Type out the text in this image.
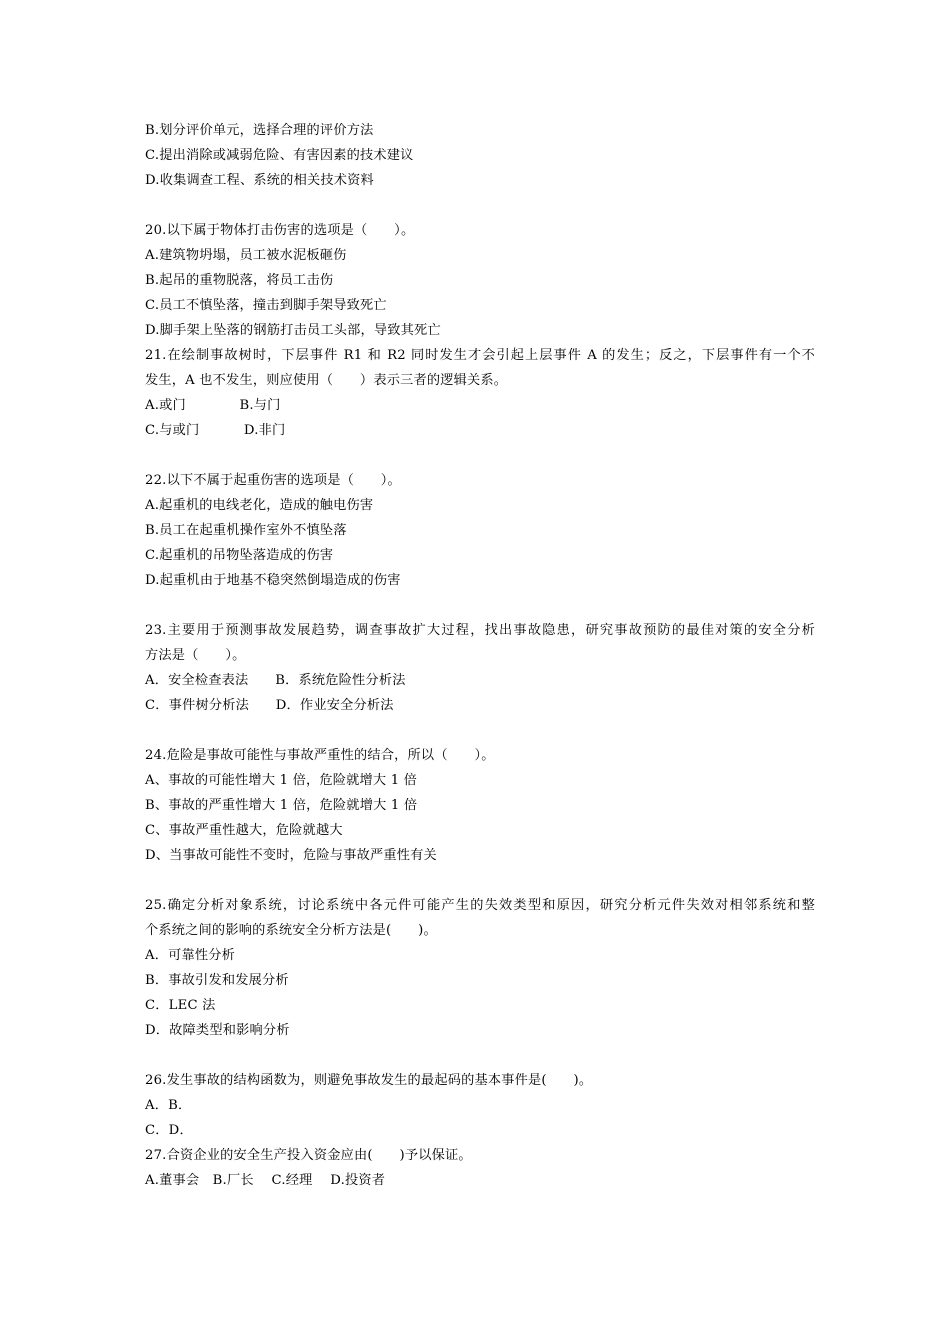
B.划分评价单元，选择合理的评价方法
C.提出消除或减弱危险、有害因素的技术建议
D.收集调查工程、系统的相关技术资料
20.以下属于物体打击伤害的选项是（　　）。
A.建筑物坍塌，员工被水泥板砸伤
B.起吊的重物脱落，将员工击伤
C.员工不慎坠落，撞击到脚手架导致死亡
D.脚手架上坠落的钢筋打击员工头部，导致其死亡
21.在绘制事故树时，下层事件 R1 和 R2 同时发生才会引起上层事件 A 的发生；反之，下层事件有一个不
发生，A 也不发生，则应使用（　　）表示三者的逻辑关系。
A.或门　　　　B.与门
C.与或门　　　 D.非门
22.以下不属于起重伤害的选项是（　　）。
A.起重机的电线老化，造成的触电伤害
B.员工在起重机操作室外不慎坠落
C.起重机的吊物坠落造成的伤害
D.起重机由于地基不稳突然倒塌造成的伤害
23.主要用于预测事故发展趋势，调查事故扩大过程，找出事故隐患，研究事故预防的最佳对策的安全分析
方法是（　　）。
A．安全检查表法　　B．系统危险性分析法
C．事件树分析法　　D．作业安全分析法
24.危险是事故可能性与事故严重性的结合，所以（　　）。
A、事故的可能性增大 1 倍，危险就增大 1 倍
B、事故的严重性增大 1 倍，危险就增大 1 倍
C、事故严重性越大，危险就越大
D、当事故可能性不变时，危险与事故严重性有关
25.确定分析对象系统，讨论系统中各元件可能产生的失效类型和原因，研究分析元件失效对相邻系统和整
个系统之间的影响的系统安全分析方法是(　　)。
A．可靠性分析
B．事故引发和发展分析
C．LEC 法
D．故障类型和影响分析
26.发生事故的结构函数为，则避免事故发生的最起码的基本事件是(　　)。
A．B．
C．D．
27.合资企业的安全生产投入资金应由(　　)予以保证。
A.董事会　B.厂长　 C.经理　 D.投资者
